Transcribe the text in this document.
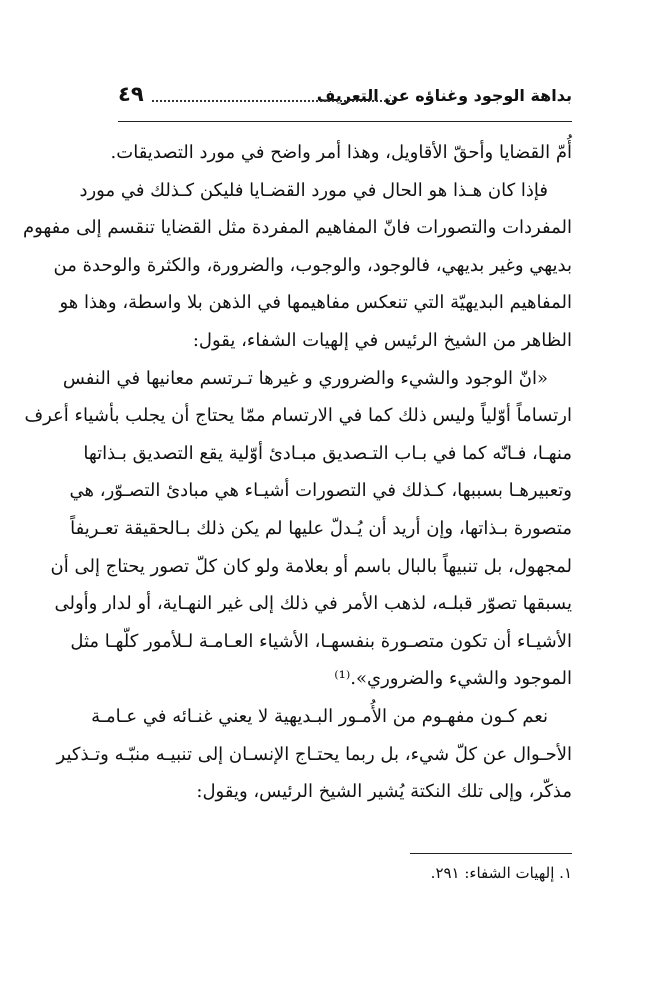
بداهة الوجود وغناؤه عن التعريف
٤٩
أُمّ القضايا وأحقّ الأقاويل، وهذا أمر واضح في مورد التصديقات.
فإذا كان هـذا هو الحال في مورد القضـايا فليكن كـذلك في مورد
المفردات والتصورات فانّ المفاهيم المفردة مثل القضايا تنقسم إلى مفهوم
بديهي وغير بديهي، فالوجود، والوجوب، والضرورة، والكثرة والوحدة من
المفاهيم البديهيّة التي تنعكس مفاهيمها في الذهن بلا واسطة، وهذا هو
الظاهر من الشيخ الرئيس في إلهيات الشفاء، يقول:
«انّ الوجود والشيء والضروري و غيرها تـرتسم معانيها في النفس
ارتساماً أوّلياً وليس ذلك كما في الارتسام ممّا يحتاج أن يجلب بأشياء أعرف
منهـا، فـانّه كما في بـاب التـصديق مبـادئ أوّلية يقع التصديق بـذاتها
وتعبيرهـا بسببها، كـذلك في التصورات أشيـاء هي مبادئ التصـوّر، هي
متصورة بـذاتها، وإن أريد أن يُـدلّ عليها لم يكن ذلك بـالحقيقة تعـريفاً
لمجهول، بل تنبيهاً بالبال باسم أو بعلامة ولو كان كلّ تصور يحتاج إلى أن
يسبقها تصوّر قبلـه، لذهب الأمر في ذلك إلى غير النهـاية، أو لدار وأولى
الأشيـاء أن تكون متصـورة بنفسهـا، الأشياء العـامـة لـلأمور كلّهـا مثل
الموجود والشيء والضروري».⁽¹⁾
نعم كـون مفهـوم من الأُمـور البـديهية لا يعني غنـائه في عـامـة
الأحـوال عن كلّ شيء، بل ربما يحتـاج الإنسـان إلى تنبيـه منبّـه وتـذكير
مذكّر، وإلى تلك النكتة يُشير الشيخ الرئيس، ويقول:
١. إلهيات الشفاء: ٢٩١.
